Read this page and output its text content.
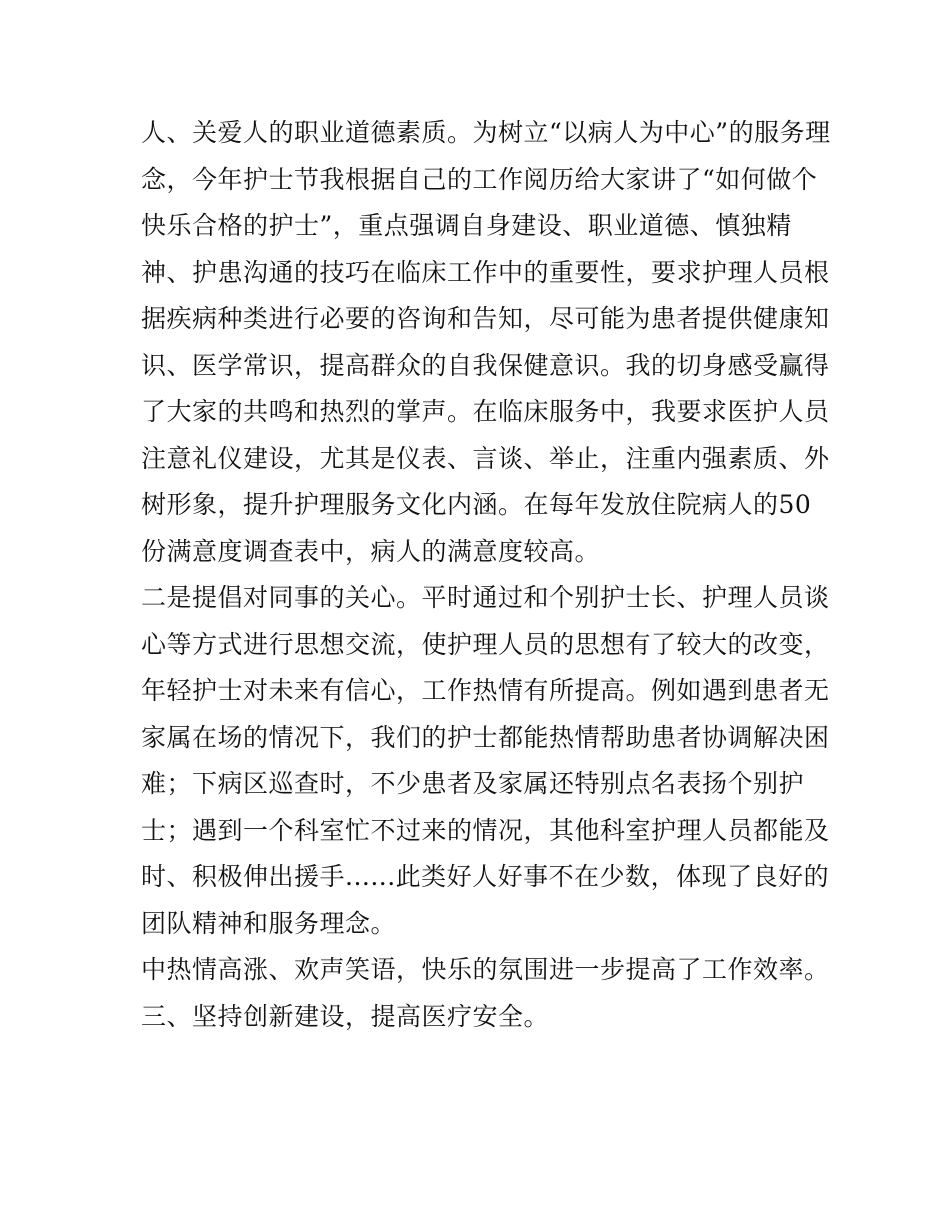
人、关爱人的职业道德素质。为树立“以病人为中心”的服务理
念，今年护士节我根据自己的工作阅历给大家讲了“如何做个
快乐合格的护士”，重点强调自身建设、职业道德、慎独精
神、护患沟通的技巧在临床工作中的重要性，要求护理人员根
据疾病种类进行必要的咨询和告知，尽可能为患者提供健康知
识、医学常识，提高群众的自我保健意识。我的切身感受赢得
了大家的共鸣和热烈的掌声。在临床服务中，我要求医护人员
注意礼仪建设，尤其是仪表、言谈、举止，注重内强素质、外
树形象，提升护理服务文化内涵。在每年发放住院病人的50
份满意度调查表中，病人的满意度较高。
二是提倡对同事的关心。平时通过和个别护士长、护理人员谈
心等方式进行思想交流，使护理人员的思想有了较大的改变，
年轻护士对未来有信心，工作热情有所提高。例如遇到患者无
家属在场的情况下，我们的护士都能热情帮助患者协调解决困
难；下病区巡查时，不少患者及家属还特别点名表扬个别护
士；遇到一个科室忙不过来的情况，其他科室护理人员都能及
时、积极伸出援手......此类好人好事不在少数，体现了良好的
团队精神和服务理念。
中热情高涨、欢声笑语，快乐的氛围进一步提高了工作效率。
三、坚持创新建设，提高医疗安全。
